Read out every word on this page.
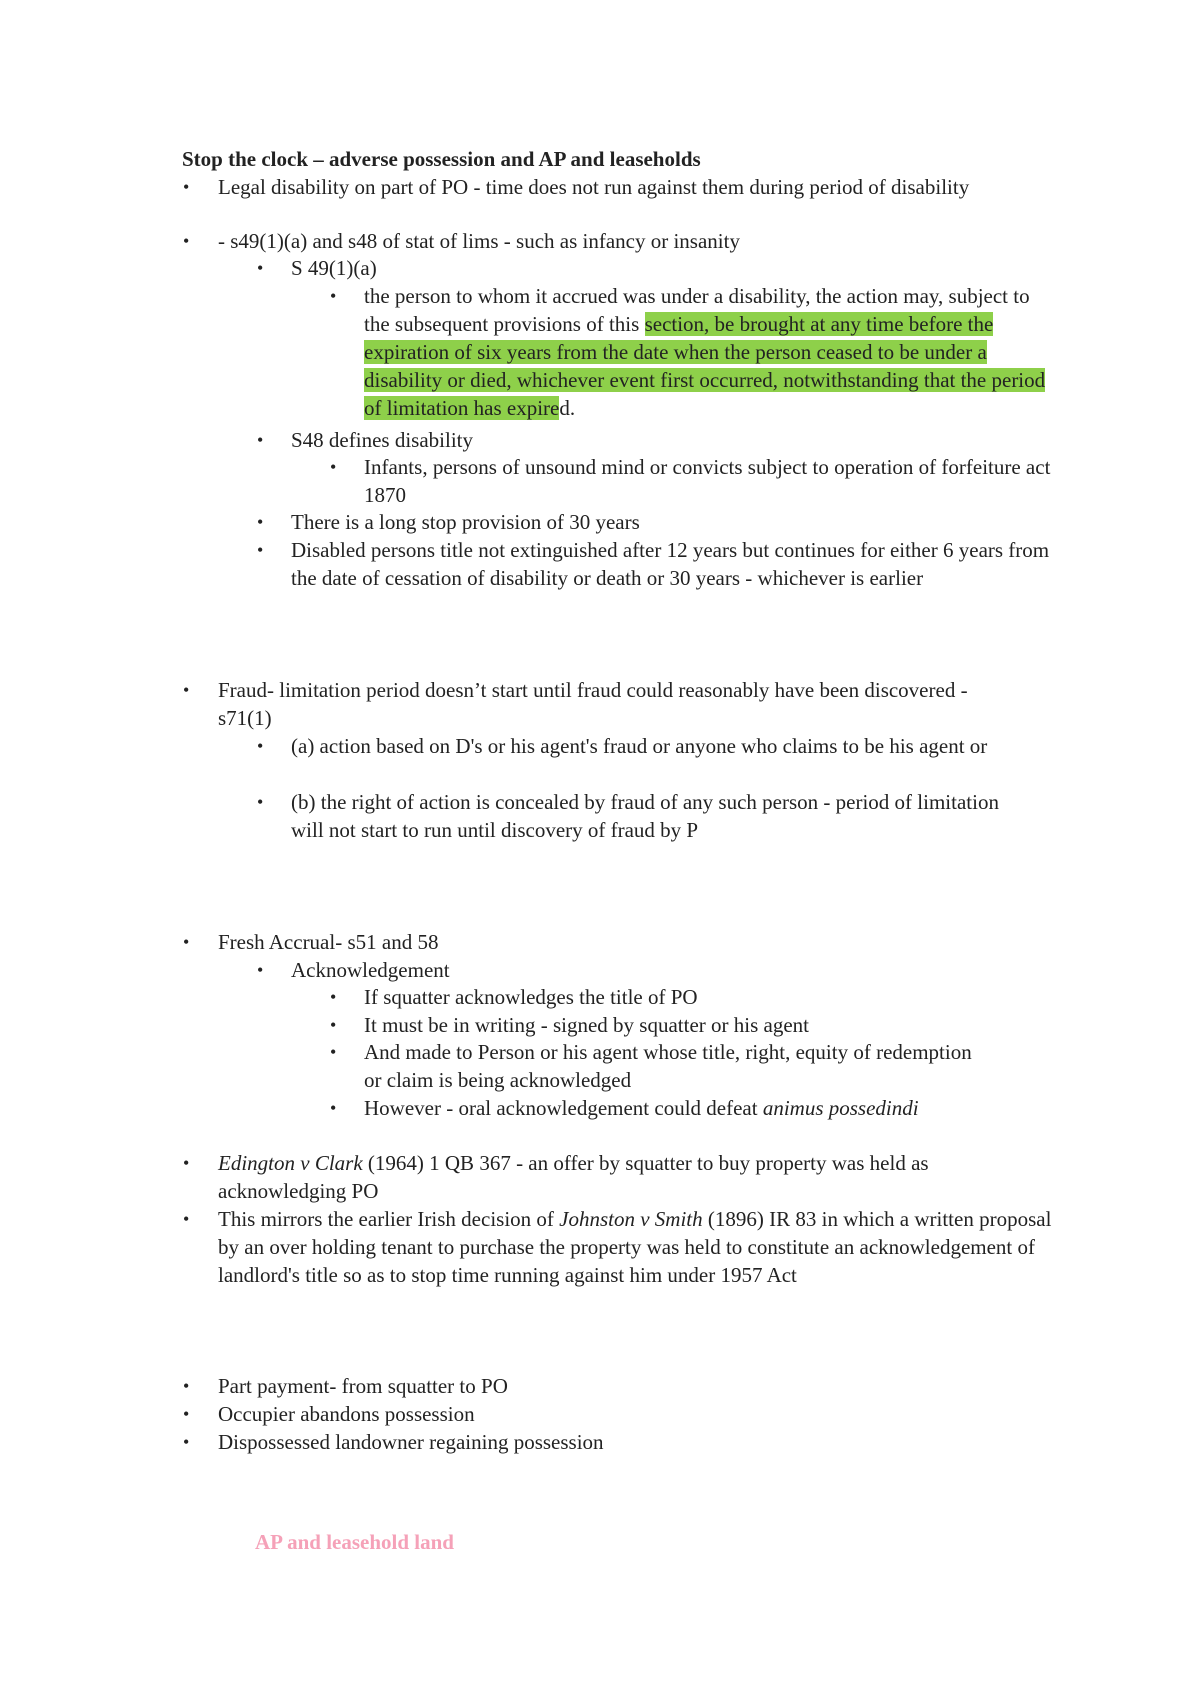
Stop the clock – adverse possession and AP and leaseholds

• Legal disability on part of PO - time does not run against them during period of disability

• - s49(1)(a) and s48 of stat of lims - such as infancy or insanity

• S 49(1)(a)

• the person to whom it accrued was under a disability, the action may, subject to the subsequent provisions of this section, be brought at any time before the expiration of six years from the date when the person ceased to be under a disability or died, whichever event first occurred, notwithstanding that the period of limitation has expired.

• S48 defines disability

• Infants, persons of unsound mind or convicts subject to operation of forfeiture act 1870

• There is a long stop provision of 30 years

• Disabled persons title not extinguished after 12 years but continues for either 6 years from the date of cessation of disability or death or 30 years - whichever is earlier

• Fraud- limitation period doesn’t start until fraud could reasonably have been discovered - s71(1)

• (a) action based on D's or his agent's fraud or anyone who claims to be his agent or

• (b) the right of action is concealed by fraud of any such person - period of limitation will not start to run until discovery of fraud by P

• Fresh Accrual- s51 and 58

• Acknowledgement

• If squatter acknowledges the title of PO

• It must be in writing - signed by squatter or his agent

• And made to Person or his agent whose title, right, equity of redemption or claim is being acknowledged

• However - oral acknowledgement could defeat animus possedindi

• Edington v Clark (1964) 1 QB 367 - an offer by squatter to buy property was held as acknowledging PO

• This mirrors the earlier Irish decision of Johnston v Smith (1896) IR 83 in which a written proposal by an over holding tenant to purchase the property was held to constitute an acknowledgement of landlord's title so as to stop time running against him under 1957 Act

• Part payment- from squatter to PO

• Occupier abandons possession

• Dispossessed landowner regaining possession

AP and leasehold land
